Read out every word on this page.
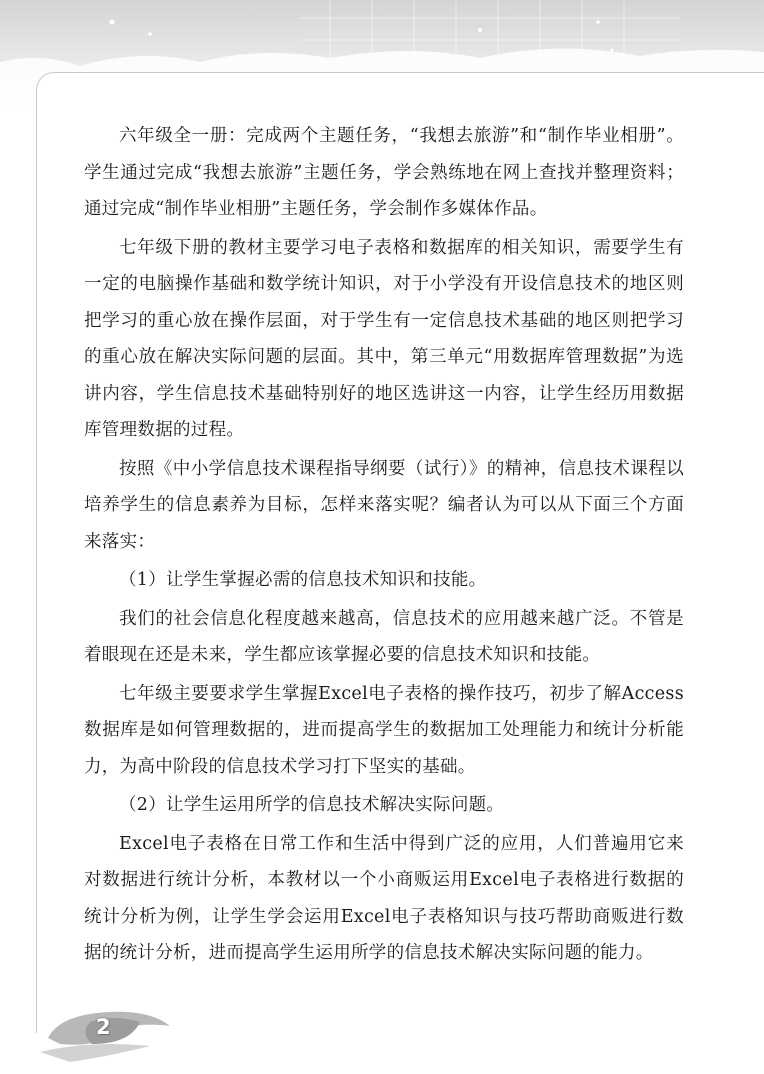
六年级全一册：完成两个主题任务，“我想去旅游”和“制作毕业相册”。学生通过完成“我想去旅游”主题任务，学会熟练地在网上查找并整理资料；通过完成“制作毕业相册”主题任务，学会制作多媒体作品。

七年级下册的教材主要学习电子表格和数据库的相关知识，需要学生有一定的电脑操作基础和数学统计知识，对于小学没有开设信息技术的地区则把学习的重心放在操作层面，对于学生有一定信息技术基础的地区则把学习的重心放在解决实际问题的层面。其中，第三单元“用数据库管理数据”为选讲内容，学生信息技术基础特别好的地区选讲这一内容，让学生经历用数据库管理数据的过程。

按照《中小学信息技术课程指导纲要（试行）》的精神，信息技术课程以培养学生的信息素养为目标，怎样来落实呢？编者认为可以从下面三个方面来落实：

（1）让学生掌握必需的信息技术知识和技能。

我们的社会信息化程度越来越高，信息技术的应用越来越广泛。不管是着眼现在还是未来，学生都应该掌握必要的信息技术知识和技能。

七年级主要要求学生掌握Excel电子表格的操作技巧，初步了解Access数据库是如何管理数据的，进而提高学生的数据加工处理能力和统计分析能力，为高中阶段的信息技术学习打下坚实的基础。

（2）让学生运用所学的信息技术解决实际问题。

Excel电子表格在日常工作和生活中得到广泛的应用，人们普遍用它来对数据进行统计分析，本教材以一个小商贩运用Excel电子表格进行数据的统计分析为例，让学生学会运用Excel电子表格知识与技巧帮助商贩进行数据的统计分析，进而提高学生运用所学的信息技术解决实际问题的能力。

2
